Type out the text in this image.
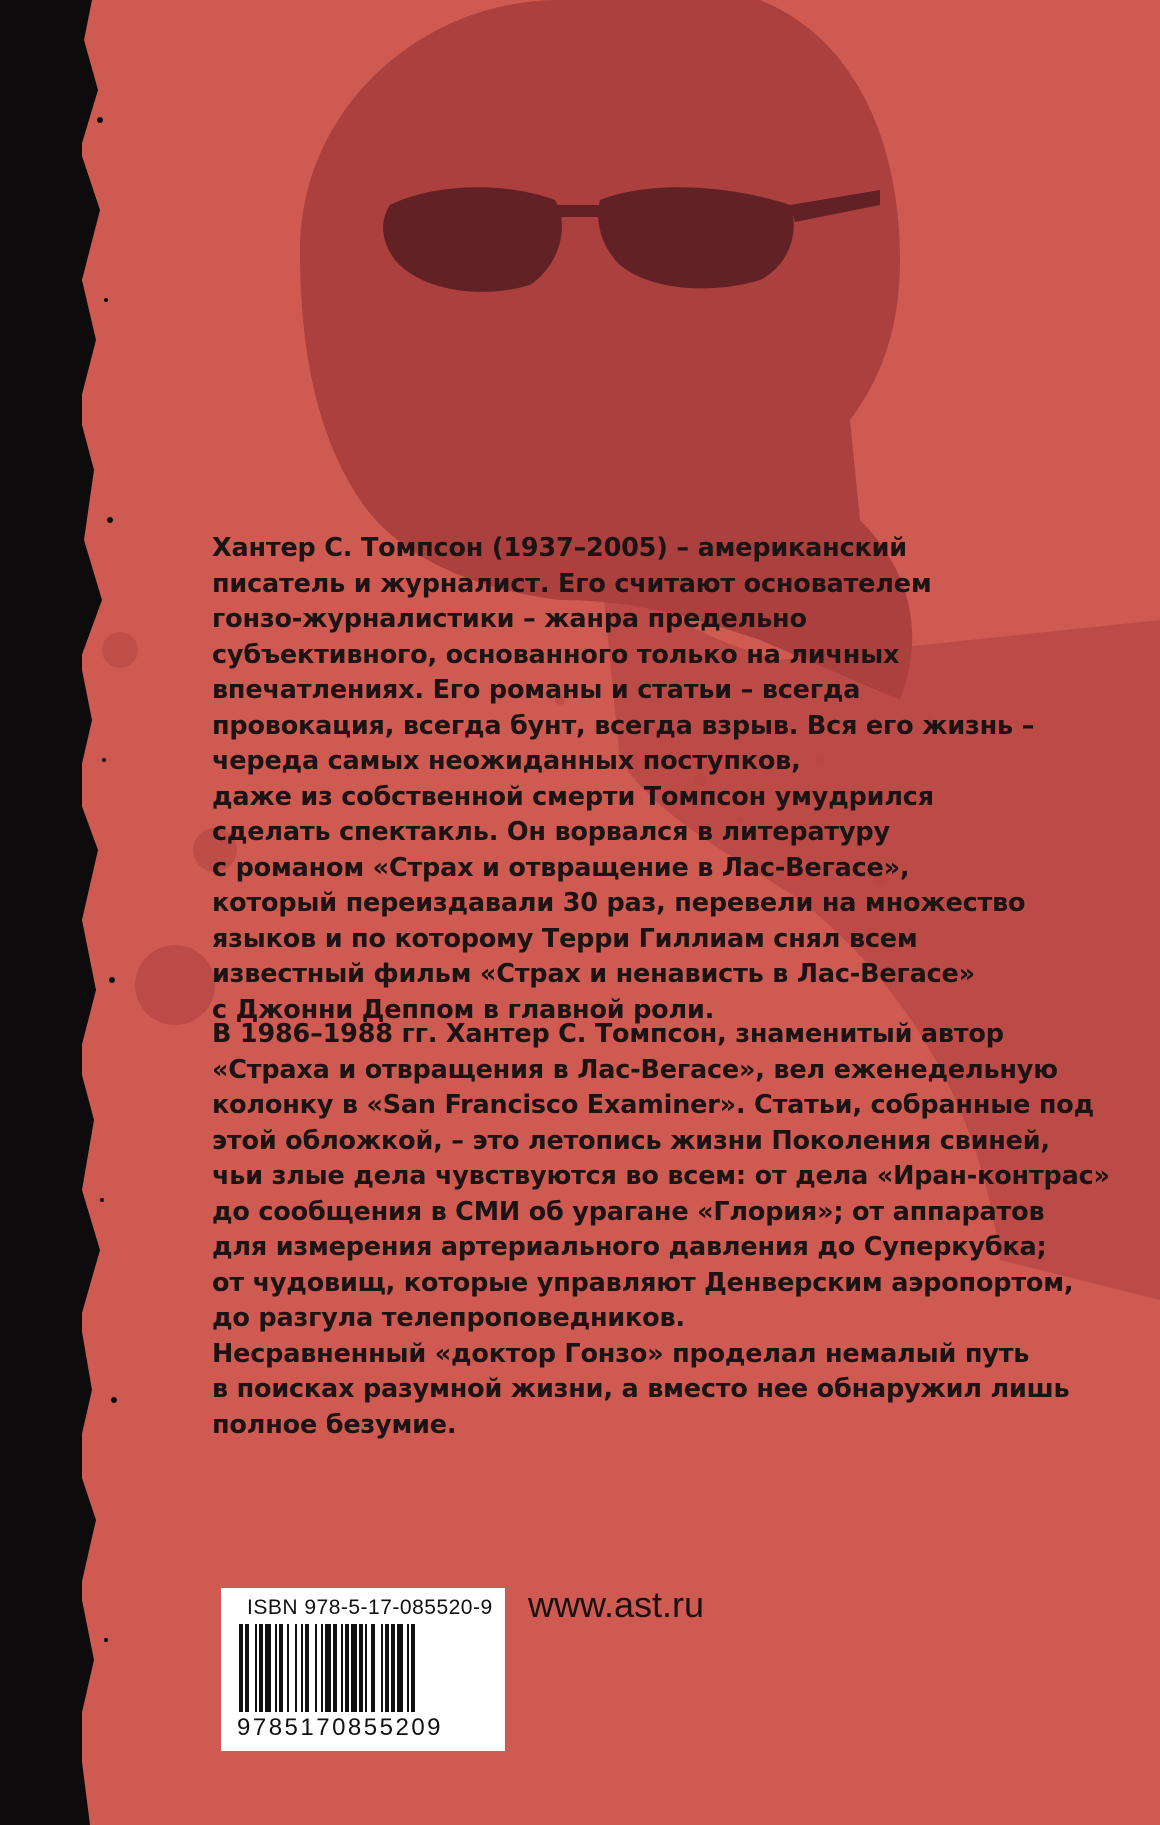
Хантер С. Томпсон (1937–2005) – американский
писатель и журналист. Его считают основателем
гонзо-журналистики – жанра предельно
субъективного, основанного только на личных
впечатлениях. Его романы и статьи – всегда
провокация, всегда бунт, всегда взрыв. Вся его жизнь –
череда самых неожиданных поступков,
даже из собственной смерти Томпсон умудрился
сделать спектакль. Он ворвался в литературу
с романом «Страх и отвращение в Лас-Вегасе»,
который переиздавали 30 раз, перевели на множество
языков и по которому Терри Гиллиам снял всем
известный фильм «Страх и ненависть в Лас-Вегасе»
с Джонни Деппом в главной роли.
В 1986–1988 гг. Хантер С. Томпсон, знаменитый автор
«Страха и отвращения в Лас-Вегасе», вел еженедельную
колонку в «San Francisco Examiner». Статьи, собранные под
этой обложкой, – это летопись жизни Поколения свиней,
чьи злые дела чувствуются во всем: от дела «Иран-контрас»
до сообщения в СМИ об урагане «Глория»; от аппаратов
для измерения артериального давления до Суперкубка;
от чудовищ, которые управляют Денверским аэропортом,
до разгула телепроповедников.
Несравненный «доктор Гонзо» проделал немалый путь
в поисках разумной жизни, а вместо нее обнаружил лишь
полное безумие.
ISBN 978-5-17-085520-9
9785170855209
www.ast.ru
